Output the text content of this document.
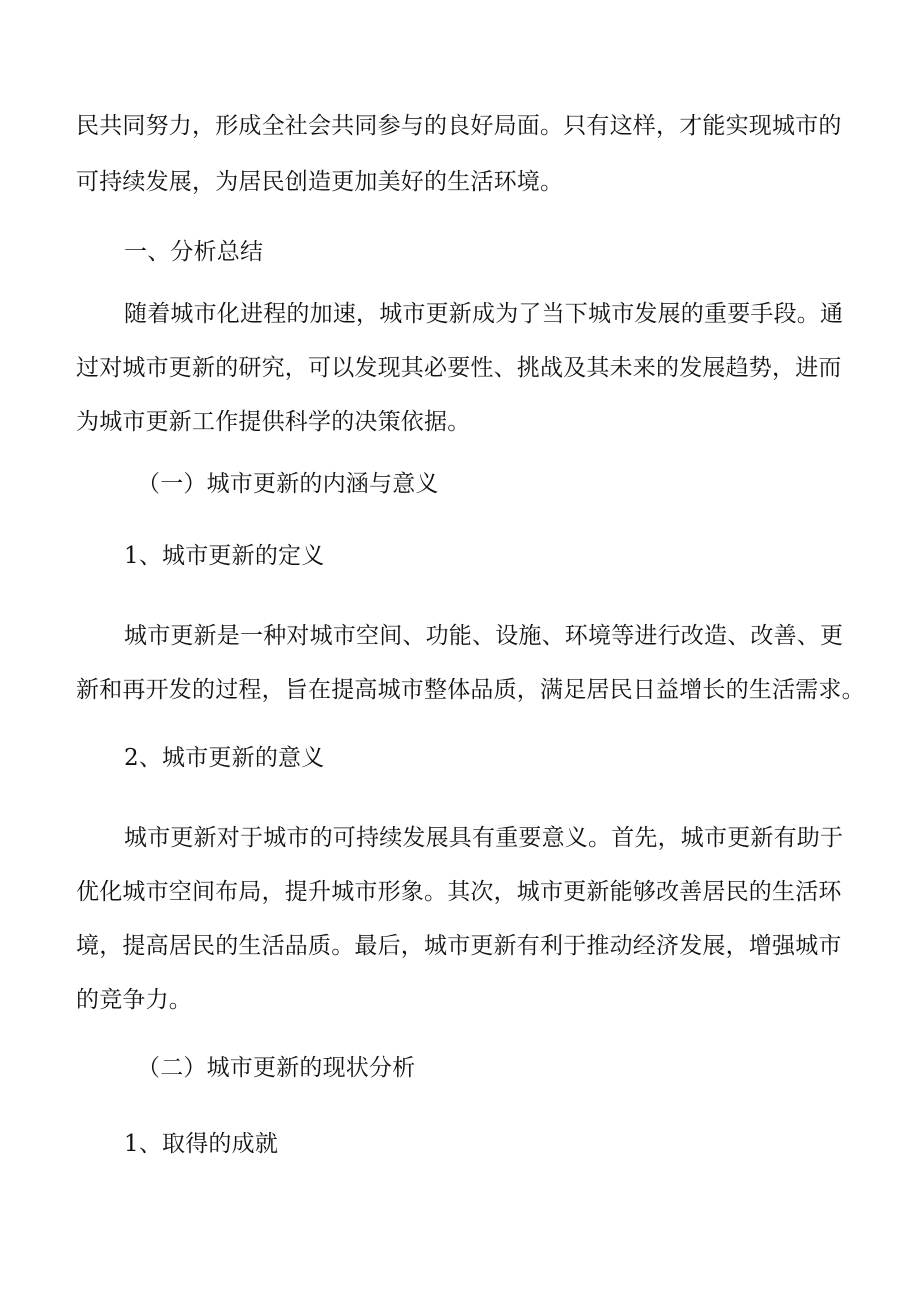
民共同努力，形成全社会共同参与的良好局面。只有这样，才能实现城市的
可持续发展，为居民创造更加美好的生活环境。
一、分析总结
随着城市化进程的加速，城市更新成为了当下城市发展的重要手段。通
过对城市更新的研究，可以发现其必要性、挑战及其未来的发展趋势，进而
为城市更新工作提供科学的决策依据。
（一）城市更新的内涵与意义
1、城市更新的定义
城市更新是一种对城市空间、功能、设施、环境等进行改造、改善、更
新和再开发的过程，旨在提高城市整体品质，满足居民日益增长的生活需求。
2、城市更新的意义
城市更新对于城市的可持续发展具有重要意义。首先，城市更新有助于
优化城市空间布局，提升城市形象。其次，城市更新能够改善居民的生活环
境，提高居民的生活品质。最后，城市更新有利于推动经济发展，增强城市
的竞争力。
（二）城市更新的现状分析
1、取得的成就
